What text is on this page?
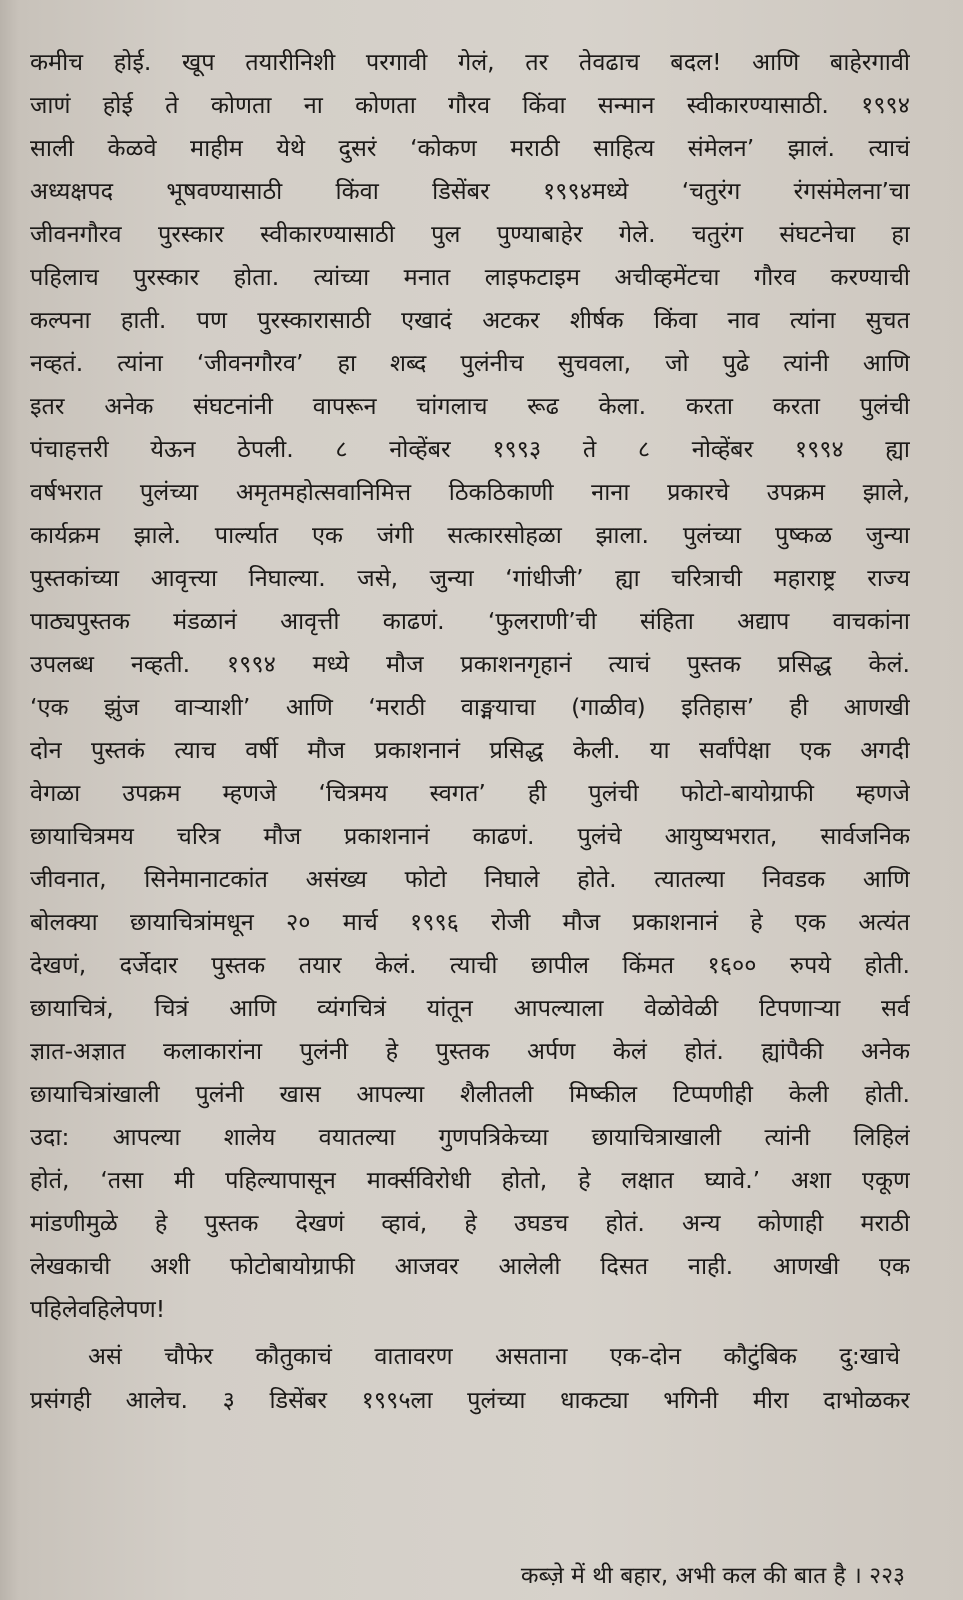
कमीच होई. खूप तयारीनिशी परगावी गेलं, तर तेवढाच बदल! आणि बाहेरगावी
जाणं होई ते कोणता ना कोणता गौरव किंवा सन्मान स्वीकारण्यासाठी. १९९४
साली केळवे माहीम येथे दुसरं ‘कोकण मराठी साहित्य संमेलन’ झालं. त्याचं
अध्यक्षपद भूषवण्यासाठी किंवा डिसेंबर १९९४मध्ये ‘चतुरंग रंगसंमेलना’चा
जीवनगौरव पुरस्कार स्वीकारण्यासाठी पुल पुण्याबाहेर गेले. चतुरंग संघटनेचा हा
पहिलाच पुरस्कार होता. त्यांच्या मनात लाइफटाइम अचीव्हमेंटचा गौरव करण्याची
कल्पना हाती. पण पुरस्कारासाठी एखादं अटकर शीर्षक किंवा नाव त्यांना सुचत
नव्हतं. त्यांना ‘जीवनगौरव’ हा शब्द पुलंनीच सुचवला, जो पुढे त्यांनी आणि
इतर अनेक संघटनांनी वापरून चांगलाच रूढ केला. करता करता पुलंची
पंचाहत्तरी येऊन ठेपली. ८ नोव्हेंबर १९९३ ते ८ नोव्हेंबर १९९४ ह्या
वर्षभरात पुलंच्या अमृतमहोत्सवानिमित्त ठिकठिकाणी नाना प्रकारचे उपक्रम झाले,
कार्यक्रम झाले. पार्ल्यात एक जंगी सत्कारसोहळा झाला. पुलंच्या पुष्कळ जुन्या
पुस्तकांच्या आवृत्त्या निघाल्या. जसे, जुन्या ‘गांधीजी’ ह्या चरित्राची महाराष्ट्र राज्य
पाठ्यपुस्तक मंडळानं आवृत्ती काढणं. ‘फुलराणी’ची संहिता अद्याप वाचकांना
उपलब्ध नव्हती. १९९४ मध्ये मौज प्रकाशनगृहानं त्याचं पुस्तक प्रसिद्ध केलं.
‘एक झुंज वाऱ्याशी’ आणि ‘मराठी वाङ्मयाचा (गाळीव) इतिहास’ ही आणखी
दोन पुस्तकं त्याच वर्षी मौज प्रकाशनानं प्रसिद्ध केली. या सर्वांपेक्षा एक अगदी
वेगळा उपक्रम म्हणजे ‘चित्रमय स्वगत’ ही पुलंची फोटो-बायोग्राफी म्हणजे
छायाचित्रमय चरित्र मौज प्रकाशनानं काढणं. पुलंचे आयुष्यभरात, सार्वजनिक
जीवनात, सिनेमानाटकांत असंख्य फोटो निघाले होते. त्यातल्या निवडक आणि
बोलक्या छायाचित्रांमधून २० मार्च १९९६ रोजी मौज प्रकाशनानं हे एक अत्यंत
देखणं, दर्जेदार पुस्तक तयार केलं. त्याची छापील किंमत १६०० रुपये होती.
छायाचित्रं, चित्रं आणि व्यंगचित्रं यांतून आपल्याला वेळोवेळी टिपणाऱ्या सर्व
ज्ञात-अज्ञात कलाकारांना पुलंनी हे पुस्तक अर्पण केलं होतं. ह्यांपैकी अनेक
छायाचित्रांखाली पुलंनी खास आपल्या शैलीतली मिष्कील टिप्पणीही केली होती.
उदा: आपल्या शालेय वयातल्या गुणपत्रिकेच्या छायाचित्राखाली त्यांनी लिहिलं
होतं, ‘तसा मी पहिल्यापासून मार्क्सविरोधी होतो, हे लक्षात घ्यावे.’ अशा एकूण
मांडणीमुळे हे पुस्तक देखणं व्हावं, हे उघडच होतं. अन्य कोणाही मराठी
लेखकाची अशी फोटोबायोग्राफी आजवर आलेली दिसत नाही. आणखी एक
पहिलेवहिलेपण!
असं चौफेर कौतुकाचं वातावरण असताना एक-दोन कौटुंबिक दु:खाचे
प्रसंगही आलेच. ३ डिसेंबर १९९५ला पुलंच्या धाकट्या भगिनी मीरा दाभोळकर
कब्ज़े में थी बहार, अभी कल की बात है । २२३
